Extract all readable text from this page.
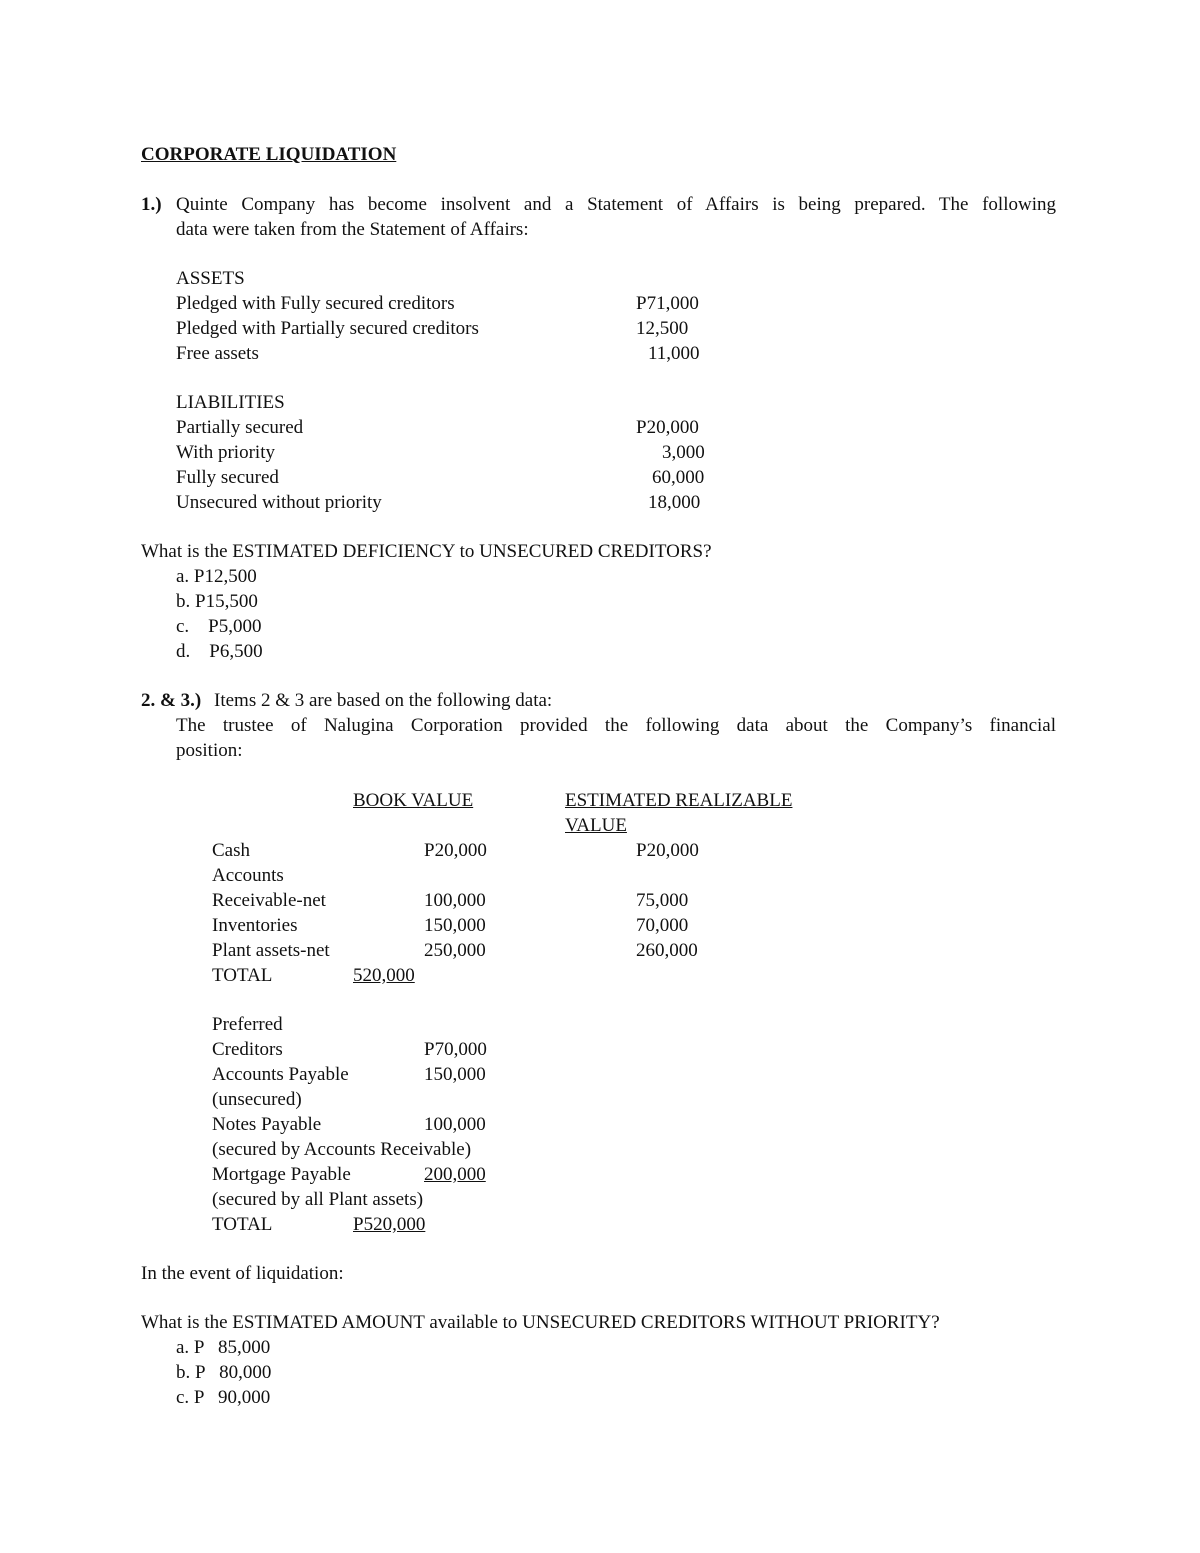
CORPORATE LIQUIDATION
1.) Quinte Company has become insolvent and a Statement of Affairs is being prepared. The following
data were taken from the Statement of Affairs:
ASSETS
Pledged with Fully secured creditors	P71,000
Pledged with Partially secured creditors	12,500
Free assets	11,000
LIABILITIES
Partially secured	P20,000
With priority	3,000
Fully secured	60,000
Unsecured without priority	18,000
What is the ESTIMATED DEFICIENCY to UNSECURED CREDITORS?
a. P12,500
b. P15,500
c.    P5,000
d.    P6,500
2. & 3.) Items 2 & 3 are based on the following data:
The trustee of Nalugina Corporation provided the following data about the Company’s financial
position:
BOOK VALUE	ESTIMATED REALIZABLE
VALUE
Cash	P20,000	P20,000
Accounts
Receivable-net	100,000	75,000
Inventories	150,000	70,000
Plant assets-net	250,000	260,000
TOTAL	520,000
Preferred
Creditors	P70,000
Accounts Payable	150,000
(unsecured)
Notes Payable	100,000
(secured by Accounts Receivable)
Mortgage Payable	200,000
(secured by all Plant assets)
TOTAL	P520,000
In the event of liquidation:
What is the ESTIMATED AMOUNT available to UNSECURED CREDITORS WITHOUT PRIORITY?
a. P   85,000
b. P   80,000
c. P   90,000
